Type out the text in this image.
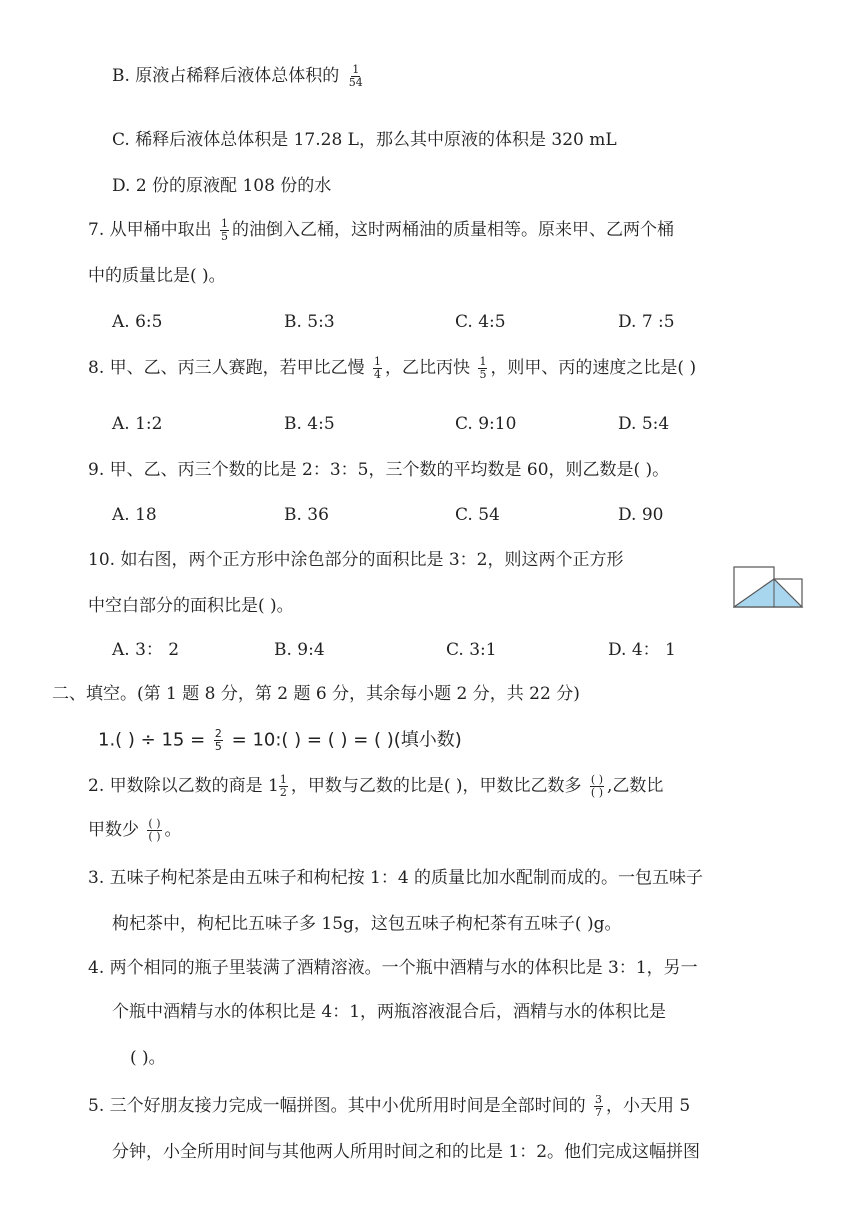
B. 原液占稀释后液体总体积的 $\frac{1}{54}$
C. 稀释后液体总体积是 17.28 L，那么其中原液的体积是 320 mL
D. 2 份的原液配 108 份的水
7. 从甲桶中取出 $\frac{1}{5}$ 的油倒入乙桶，这时两桶油的质量相等。原来甲、乙两个桶
中的质量比是( )。
A. 6:5	B. 5:3	C. 4:5	D. 7 :5
8. 甲、乙、丙三人赛跑，若甲比乙慢 $\frac{1}{4}$ ，乙比丙快 $\frac{1}{5}$ ，则甲、丙的速度之比是( )
A. 1:2	B. 4:5	C. 9:10	D. 5:4
9. 甲、乙、丙三个数的比是 2：3：5，三个数的平均数是 60，则乙数是( )。
A. 18	B. 36	C. 54	D. 90
10. 如右图，两个正方形中涂色部分的面积比是 3：2，则这两个正方形
中空白部分的面积比是( )。
A. 3： 2	B. 9:4	C. 3:1	D. 4： 1
二、填空。(第 1 题 8 分，第 2 题 6 分，其余每小题 2 分，共 22 分)
1.( ) ÷ $15 = \frac{2}{5}$ = 10:( ) = ( ) = ( )(填小数)
2. 甲数除以乙数的商是 $1 \frac{1}{2}$ ，甲数与乙数的比是( )，甲数比乙数多 $\frac{( )}{( )}$ ,乙数比
甲数少 $\frac{( )}{( )}$ 。
3. 五味子枸杞茶是由五味子和枸杞按 1：4 的质量比加水配制而成的。一包五味子
枸杞茶中，枸杞比五味子多 15g，这包五味子枸杞茶有五味子( )g。
4. 两个相同的瓶子里装满了酒精溶液。一个瓶中酒精与水的体积比是 3：1，另一
个瓶中酒精与水的体积比是 4：1，两瓶溶液混合后，酒精与水的体积比是
( )。
5. 三个好朋友接力完成一幅拼图。其中小优所用时间是全部时间的 $\frac{3}{7}$ ，小天用 5
分钟，小全所用时间与其他两人所用时间之和的比是 1：2。他们完成这幅拼图
